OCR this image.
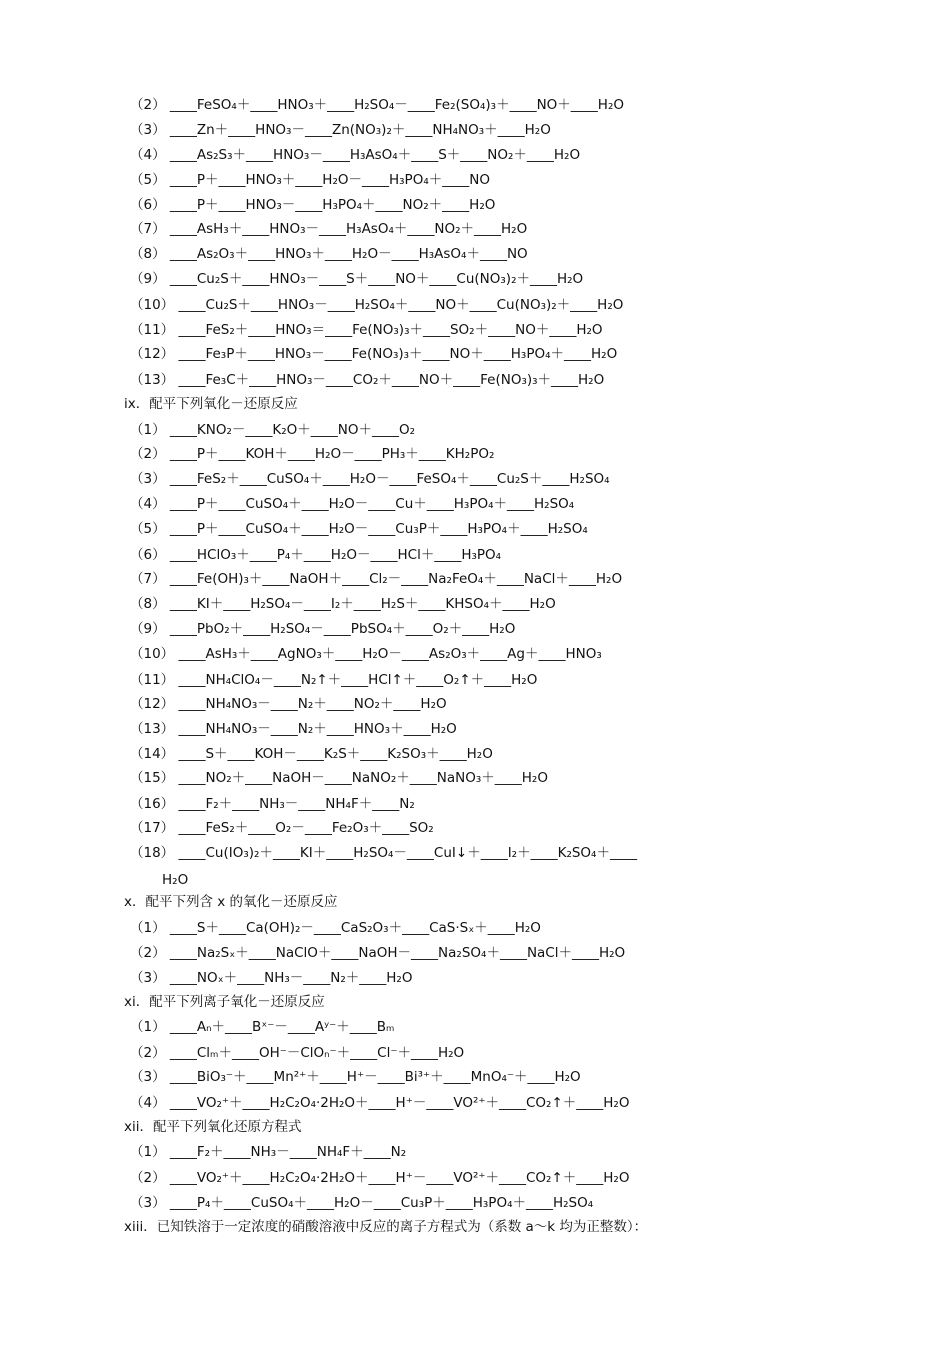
（2） ____FeSO₄＋____HNO₃＋____H₂SO₄－____Fe₂(SO₄)₃＋____NO＋____H₂O
（3） ____Zn＋____HNO₃－____Zn(NO₃)₂＋____NH₄NO₃＋____H₂O
（4） ____As₂S₃＋____HNO₃－____H₃AsO₄＋____S＋____NO₂＋____H₂O
（5） ____P＋____HNO₃＋____H₂O－____H₃PO₄＋____NO
（6） ____P＋____HNO₃－____H₃PO₄＋____NO₂＋____H₂O
（7） ____AsH₃＋____HNO₃－____H₃AsO₄＋____NO₂＋____H₂O
（8） ____As₂O₃＋____HNO₃＋____H₂O－____H₃AsO₄＋____NO
（9） ____Cu₂S＋____HNO₃－____S＋____NO＋____Cu(NO₃)₂＋____H₂O
（10） ____Cu₂S＋____HNO₃－____H₂SO₄＋____NO＋____Cu(NO₃)₂＋____H₂O
（11） ____FeS₂＋____HNO₃＝____Fe(NO₃)₃＋____SO₂＋____NO＋____H₂O
（12） ____Fe₃P＋____HNO₃－____Fe(NO₃)₃＋____NO＋____H₃PO₄＋____H₂O
（13） ____Fe₃C＋____HNO₃－____CO₂＋____NO＋____Fe(NO₃)₃＋____H₂O
ix．配平下列氧化－还原反应
（1） ____KNO₂－____K₂O＋____NO＋____O₂
（2） ____P＋____KOH＋____H₂O－____PH₃＋____KH₂PO₂
（3） ____FeS₂＋____CuSO₄＋____H₂O－____FeSO₄＋____Cu₂S＋____H₂SO₄
（4） ____P＋____CuSO₄＋____H₂O－____Cu＋____H₃PO₄＋____H₂SO₄
（5） ____P＋____CuSO₄＋____H₂O－____Cu₃P＋____H₃PO₄＋____H₂SO₄
（6） ____HClO₃＋____P₄＋____H₂O－____HCl＋____H₃PO₄
（7） ____Fe(OH)₃＋____NaOH＋____Cl₂－____Na₂FeO₄＋____NaCl＋____H₂O
（8） ____KI＋____H₂SO₄－____I₂＋____H₂S＋____KHSO₄＋____H₂O
（9） ____PbO₂＋____H₂SO₄－____PbSO₄＋____O₂＋____H₂O
（10） ____AsH₃＋____AgNO₃＋____H₂O－____As₂O₃＋____Ag＋____HNO₃
（11） ____NH₄ClO₄－____N₂↑＋____HCl↑＋____O₂↑＋____H₂O
（12） ____NH₄NO₃－____N₂＋____NO₂＋____H₂O
（13） ____NH₄NO₃－____N₂＋____HNO₃＋____H₂O
（14） ____S＋____KOH－____K₂S＋____K₂SO₃＋____H₂O
（15） ____NO₂＋____NaOH－____NaNO₂＋____NaNO₃＋____H₂O
（16） ____F₂＋____NH₃－____NH₄F＋____N₂
（17） ____FeS₂＋____O₂－____Fe₂O₃＋____SO₂
（18） ____Cu(IO₃)₂＋____KI＋____H₂SO₄－____CuI↓＋____I₂＋____K₂SO₄＋____
H₂O
x．配平下列含 x 的氧化－还原反应
（1） ____S＋____Ca(OH)₂－____CaS₂O₃＋____CaS·Sₓ＋____H₂O
（2） ____Na₂Sₓ＋____NaClO＋____NaOH－____Na₂SO₄＋____NaCl＋____H₂O
（3） ____NOₓ＋____NH₃－____N₂＋____H₂O
xi．配平下列离子氧化－还原反应
（1） ____Aₙ＋____Bˣ⁻－____Aʸ⁻＋____Bₘ
（2） ____Clₘ＋____OH⁻－ClOₙ⁻＋____Cl⁻＋____H₂O
（3） ____BiO₃⁻＋____Mn²⁺＋____H⁺－____Bi³⁺＋____MnO₄⁻＋____H₂O
（4） ____VO₂⁺＋____H₂C₂O₄·2H₂O＋____H⁺－____VO²⁺＋____CO₂↑＋____H₂O
xii．配平下列氧化还原方程式
（1） ____F₂＋____NH₃－____NH₄F＋____N₂
（2） ____VO₂⁺＋____H₂C₂O₄·2H₂O＋____H⁺－____VO²⁺＋____CO₂↑＋____H₂O
（3） ____P₄＋____CuSO₄＋____H₂O－____Cu₃P＋____H₃PO₄＋____H₂SO₄
xiii．已知铁溶于一定浓度的硝酸溶液中反应的离子方程式为（系数 a～k 均为正整数）：
